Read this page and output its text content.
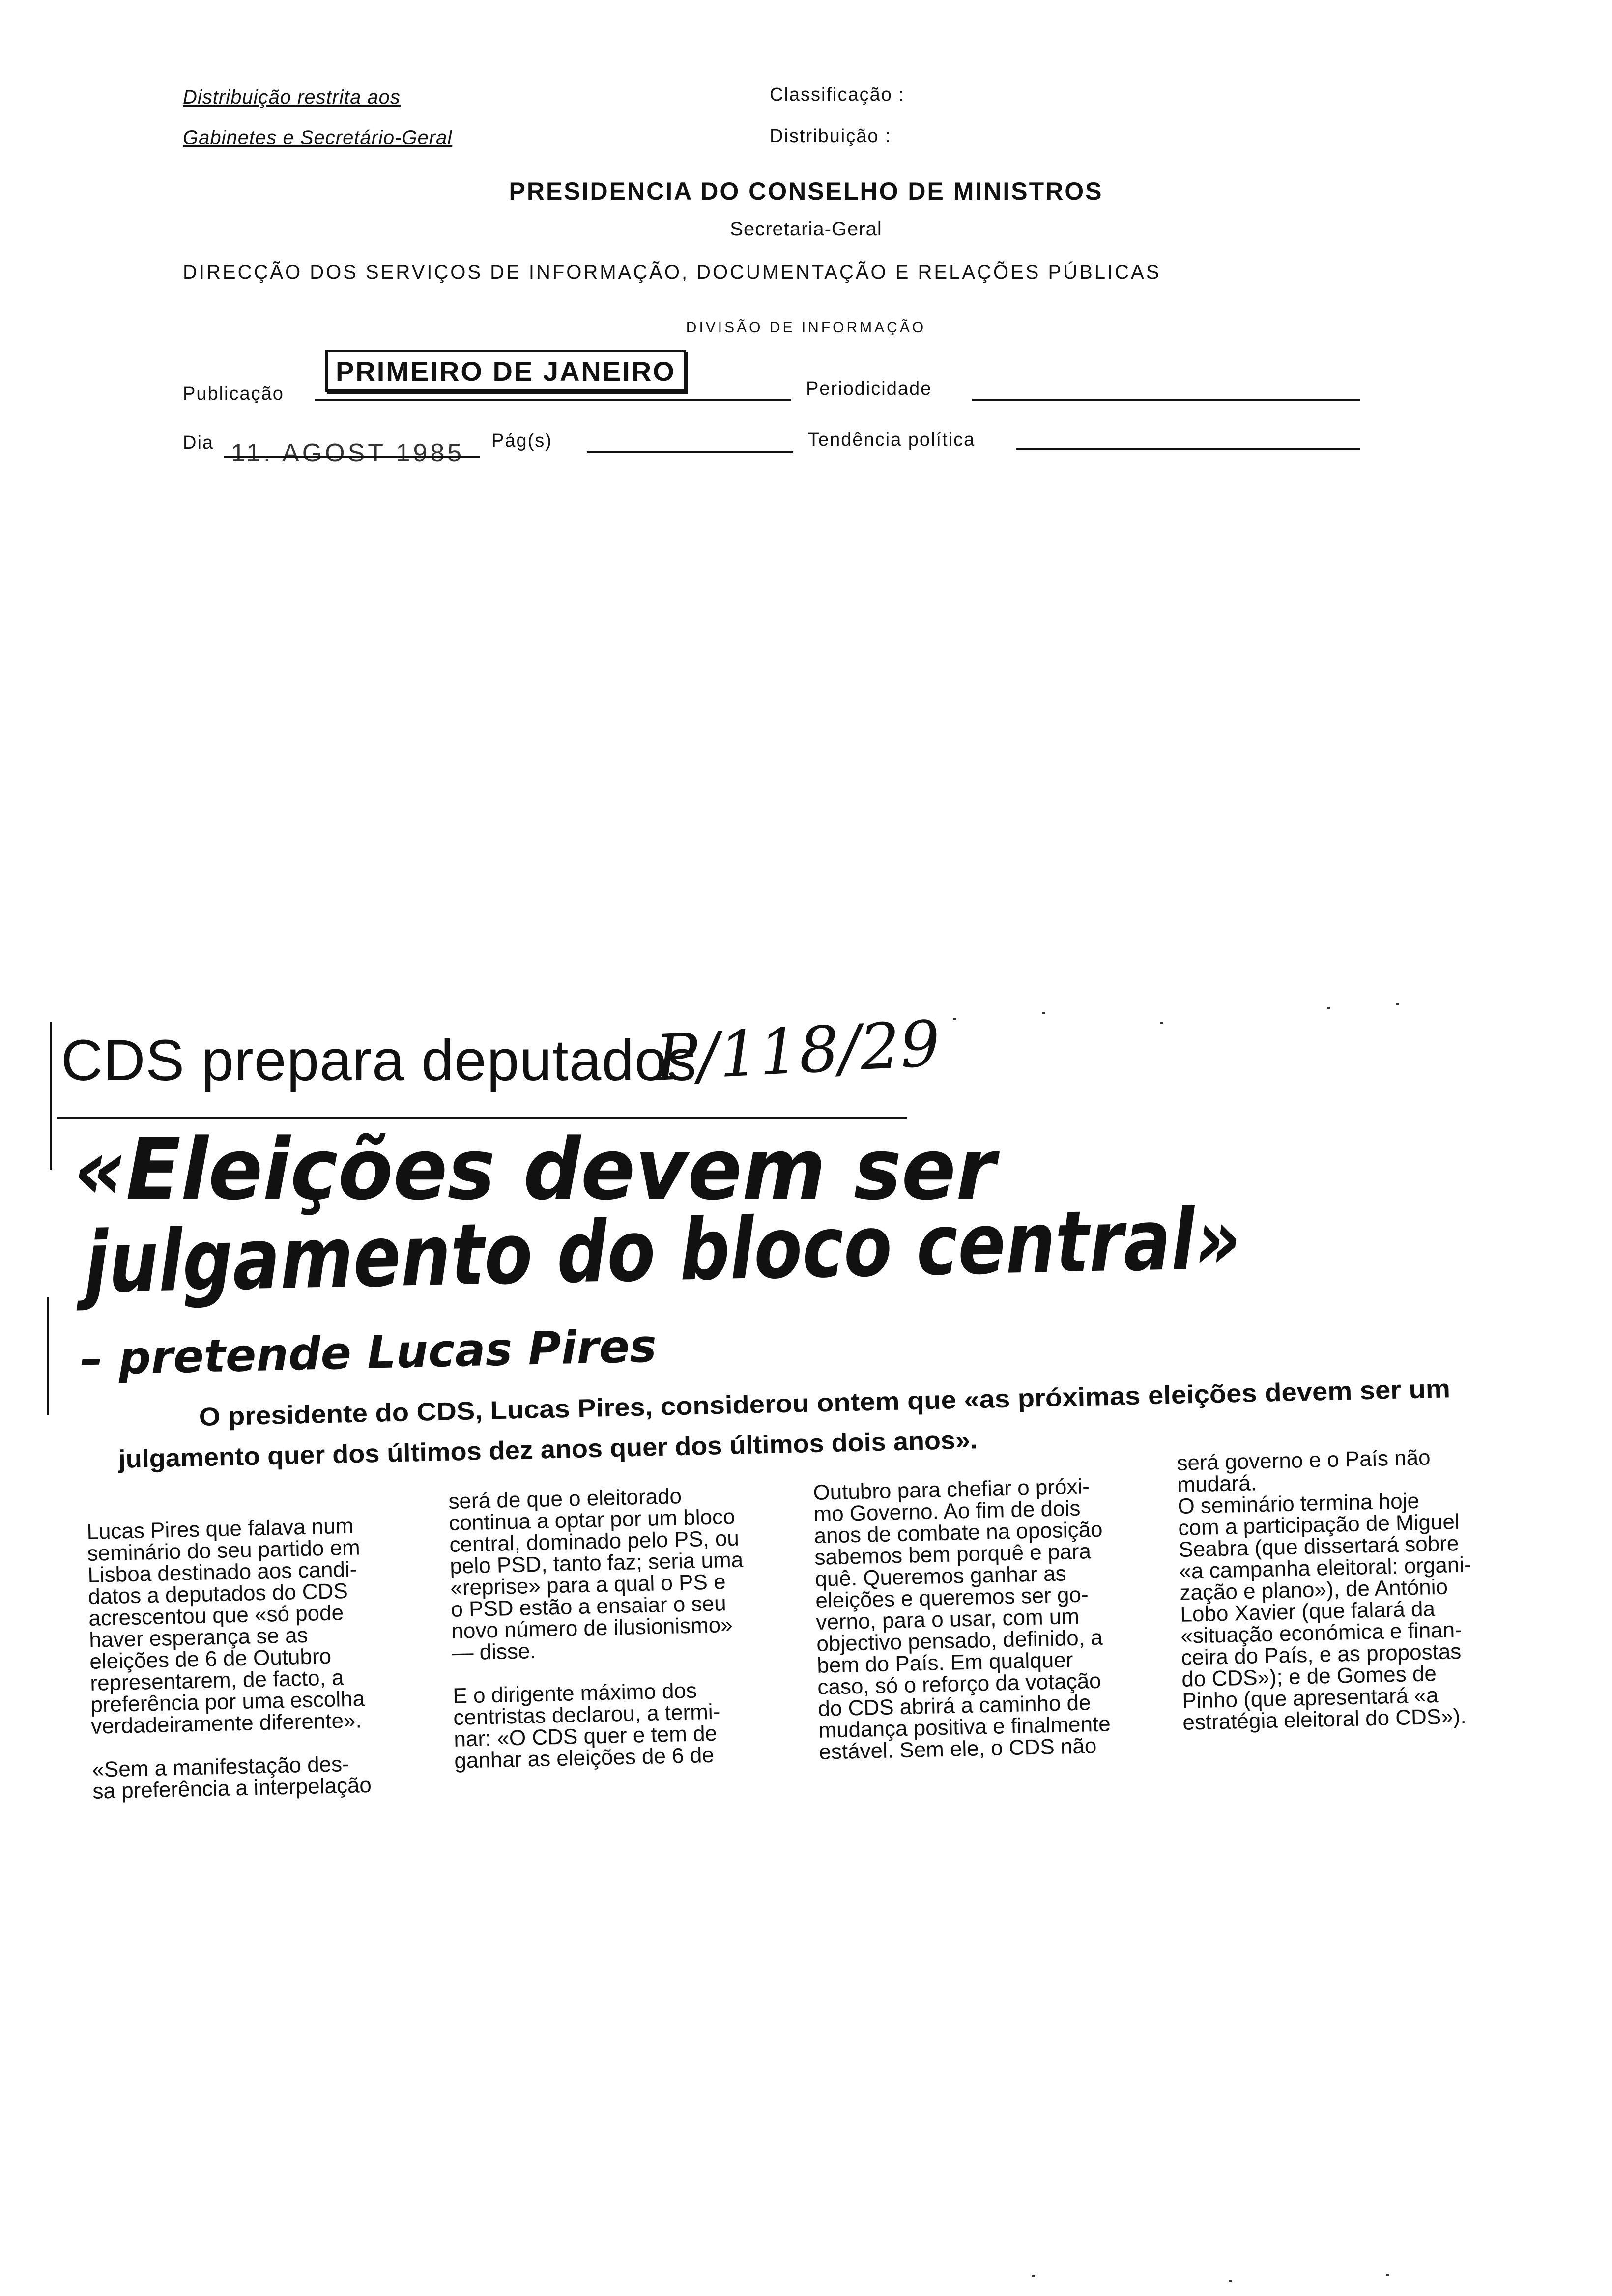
Distribuição restrita aos
Gabinetes e Secretário-Geral
Classificação :
Distribuição :
PRESIDENCIA DO CONSELHO DE MINISTROS
Secretaria-Geral
DIRECÇÃO DOS SERVIÇOS DE INFORMAÇÃO, DOCUMENTAÇÃO E RELAÇÕES PÚBLICAS
DIVISÃO DE INFORMAÇÃO
Publicação
PRIMEIRO DE JANEIRO
Periodicidade
Dia 11. AGOST 1985 Pág(s)	Tendência política
CDS prepara deputados
P/118/29
«Eleições devem ser
julgamento do bloco central»
– pretende Lucas Pires
O presidente do CDS, Lucas Pires, considerou ontem que «as próximas eleições devem ser um
julgamento quer dos últimos dez anos quer dos últimos dois anos».
Lucas Pires que falava num
seminário do seu partido em
Lisboa destinado aos candi-
datos a deputados do CDS
acrescentou que «só pode
haver esperança se as
eleições de 6 de Outubro
representarem, de facto, a
preferência por uma escolha
verdadeiramente diferente».

«Sem a manifestação des-
sa preferência a interpelação
será de que o eleitorado
continua a optar por um bloco
central, dominado pelo PS, ou
pelo PSD, tanto faz; seria uma
«reprise» para a qual o PS e
o PSD estão a ensaiar o seu
novo número de ilusionismo»
— disse.

E o dirigente máximo dos
centristas declarou, a termi-
nar: «O CDS quer e tem de
ganhar as eleições de 6 de
Outubro para chefiar o próxi-
mo Governo. Ao fim de dois
anos de combate na oposição
sabemos bem porquê e para
quê. Queremos ganhar as
eleições e queremos ser go-
verno, para o usar, com um
objectivo pensado, definido, a
bem do País. Em qualquer
caso, só o reforço da votação
do CDS abrirá a caminho de
mudança positiva e finalmente
estável. Sem ele, o CDS não
será governo e o País não
mudará.
O seminário termina hoje
com a participação de Miguel
Seabra (que dissertará sobre
«a campanha eleitoral: organi-
zação e plano»), de António
Lobo Xavier (que falará da
«situação económica e finan-
ceira do País, e as propostas
do CDS»); e de Gomes de
Pinho (que apresentará «a
estratégia eleitoral do CDS»).
